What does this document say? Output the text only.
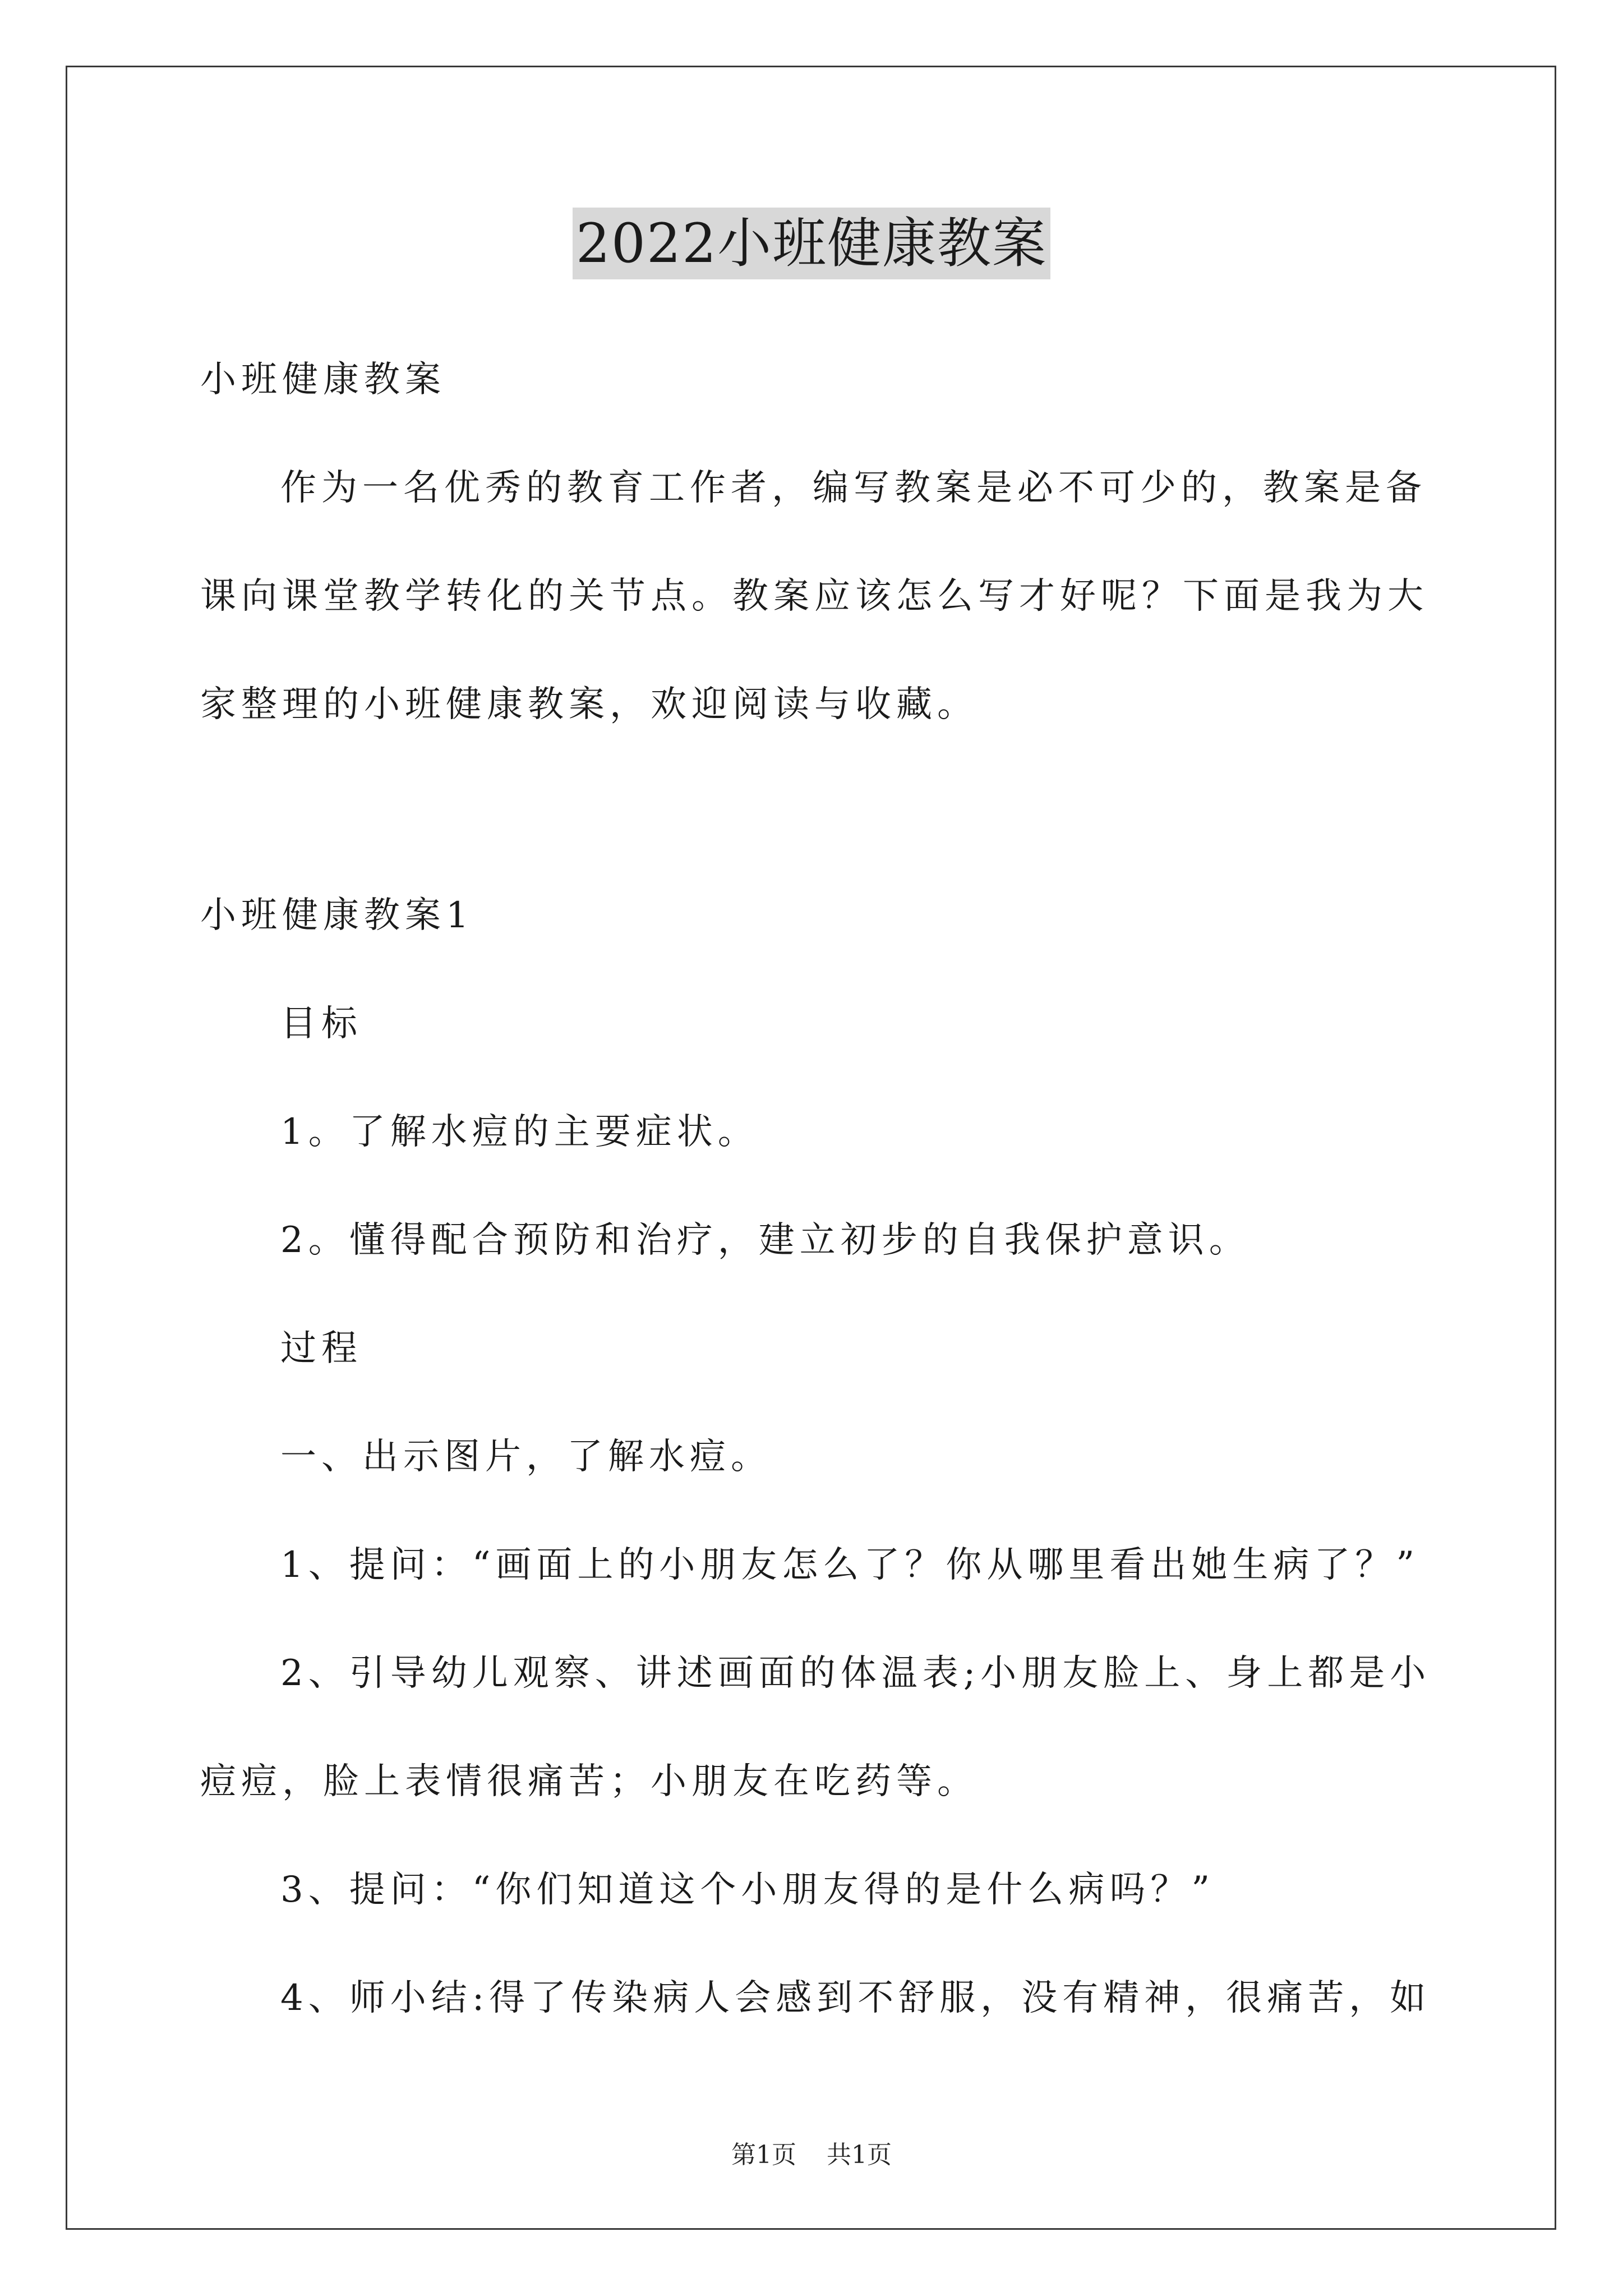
2022小班健康教案
小班健康教案
作为一名优秀的教育工作者，编写教案是必不可少的，教案是备
课向课堂教学转化的关节点。教案应该怎么写才好呢？下面是我为大
家整理的小班健康教案，欢迎阅读与收藏。
小班健康教案1
目标
1。了解水痘的主要症状。
2。懂得配合预防和治疗，建立初步的自我保护意识。
过程
一、出示图片，了解水痘。
1、提问：“画面上的小朋友怎么了？你从哪里看出她生病了？”
2、引导幼儿观察、讲述画面的体温表;小朋友脸上、身上都是小
痘痘，脸上表情很痛苦；小朋友在吃药等。
3、提问：“你们知道这个小朋友得的是什么病吗？”
4、师小结:得了传染病人会感到不舒服，没有精神，很痛苦，如
第1页 共1页
